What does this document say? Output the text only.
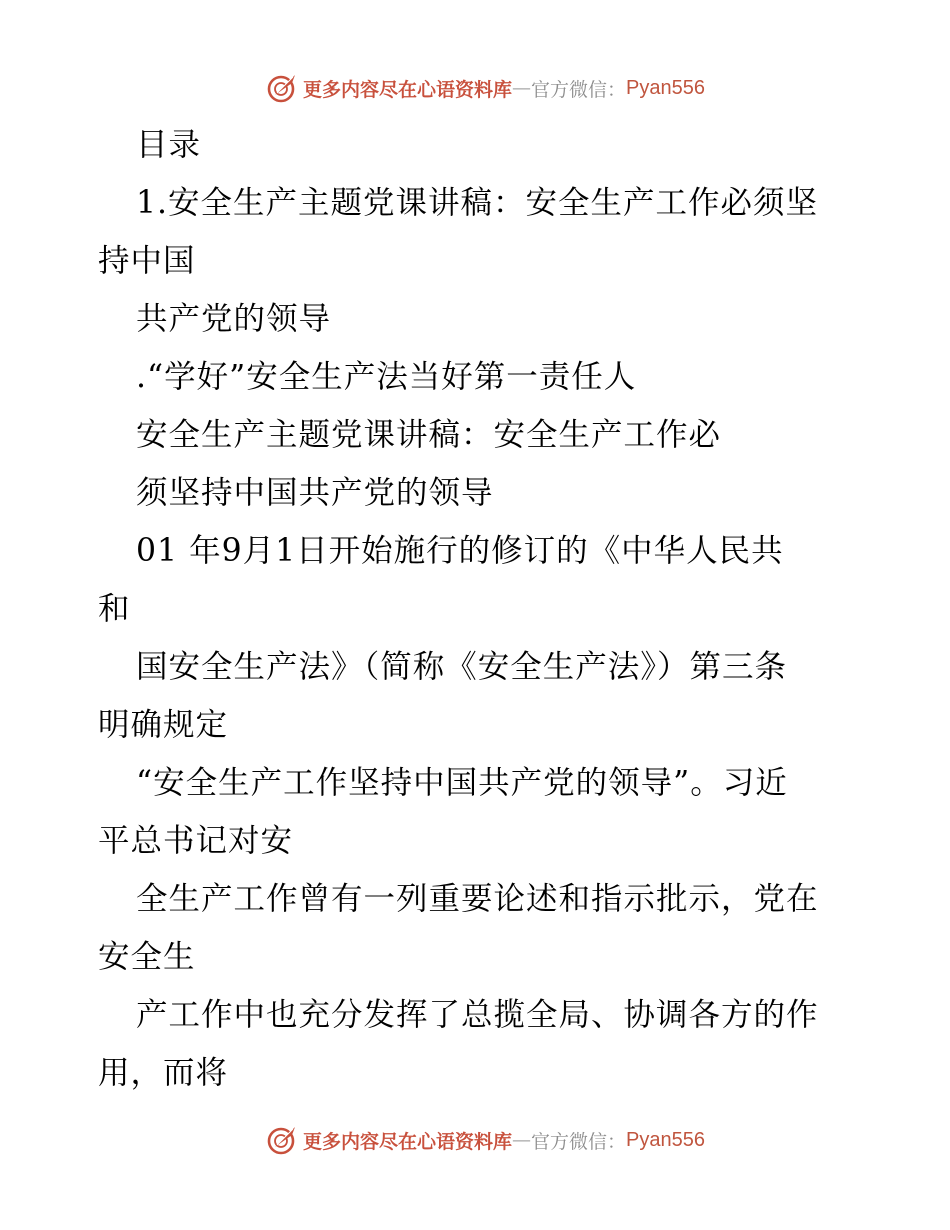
更多内容尽在心语资料库 — 官方微信： Pyan556
目录
1.安全生产主题党课讲稿：安全生产工作必须坚
持中国
共产党的领导
.“学好”安全生产法当好第一责任人
安全生产主题党课讲稿：安全生产工作必
须坚持中国共产党的领导
01 年9月1日开始施行的修订的《中华人民共
和
国安全生产法》（简称《安全生产法》）第三条
明确规定
“安全生产工作坚持中国共产党的领导”。习近
平总书记对安
全生产工作曾有一列重要论述和指示批示，党在
安全生
产工作中也充分发挥了总揽全局、协调各方的作
用，而将
更多内容尽在心语资料库 — 官方微信： Pyan556
